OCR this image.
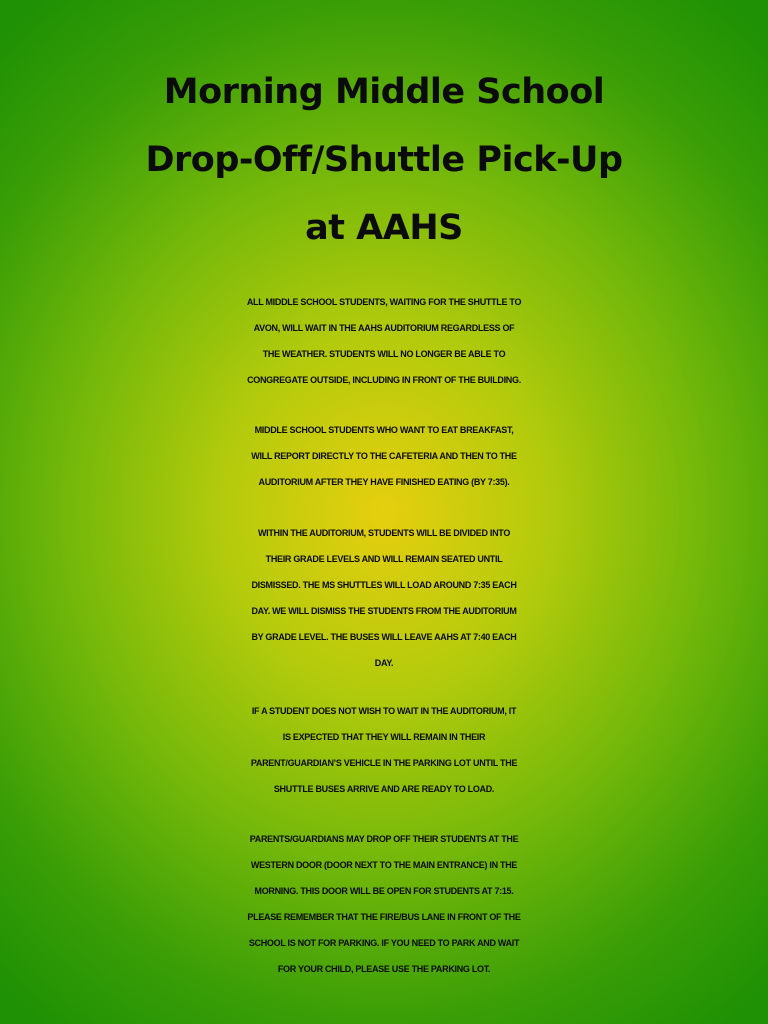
Morning Middle School
Drop-Off/Shuttle Pick-Up
at AAHS
ALL MIDDLE SCHOOL STUDENTS, WAITING FOR THE SHUTTLE TO
AVON, WILL WAIT IN THE AAHS AUDITORIUM REGARDLESS OF
THE WEATHER. STUDENTS WILL NO LONGER BE ABLE TO
CONGREGATE OUTSIDE, INCLUDING IN FRONT OF THE BUILDING.
MIDDLE SCHOOL STUDENTS WHO WANT TO EAT BREAKFAST,
WILL REPORT DIRECTLY TO THE CAFETERIA AND THEN TO THE
AUDITORIUM AFTER THEY HAVE FINISHED EATING (BY 7:35).
WITHIN THE AUDITORIUM, STUDENTS WILL BE DIVIDED INTO
THEIR GRADE LEVELS AND WILL REMAIN SEATED UNTIL
DISMISSED. THE MS SHUTTLES WILL LOAD AROUND 7:35 EACH
DAY. WE WILL DISMISS THE STUDENTS FROM THE AUDITORIUM
BY GRADE LEVEL. THE BUSES WILL LEAVE AAHS AT 7:40 EACH
DAY.
IF A STUDENT DOES NOT WISH TO WAIT IN THE AUDITORIUM, IT
IS EXPECTED THAT THEY WILL REMAIN IN THEIR
PARENT/GUARDIAN’S VEHICLE IN THE PARKING LOT UNTIL THE
SHUTTLE BUSES ARRIVE AND ARE READY TO LOAD.
PARENTS/GUARDIANS MAY DROP OFF THEIR STUDENTS AT THE
WESTERN DOOR (DOOR NEXT TO THE MAIN ENTRANCE) IN THE
MORNING. THIS DOOR WILL BE OPEN FOR STUDENTS AT 7:15.
PLEASE REMEMBER THAT THE FIRE/BUS LANE IN FRONT OF THE
SCHOOL IS NOT FOR PARKING. IF YOU NEED TO PARK AND WAIT
FOR YOUR CHILD, PLEASE USE THE PARKING LOT.
